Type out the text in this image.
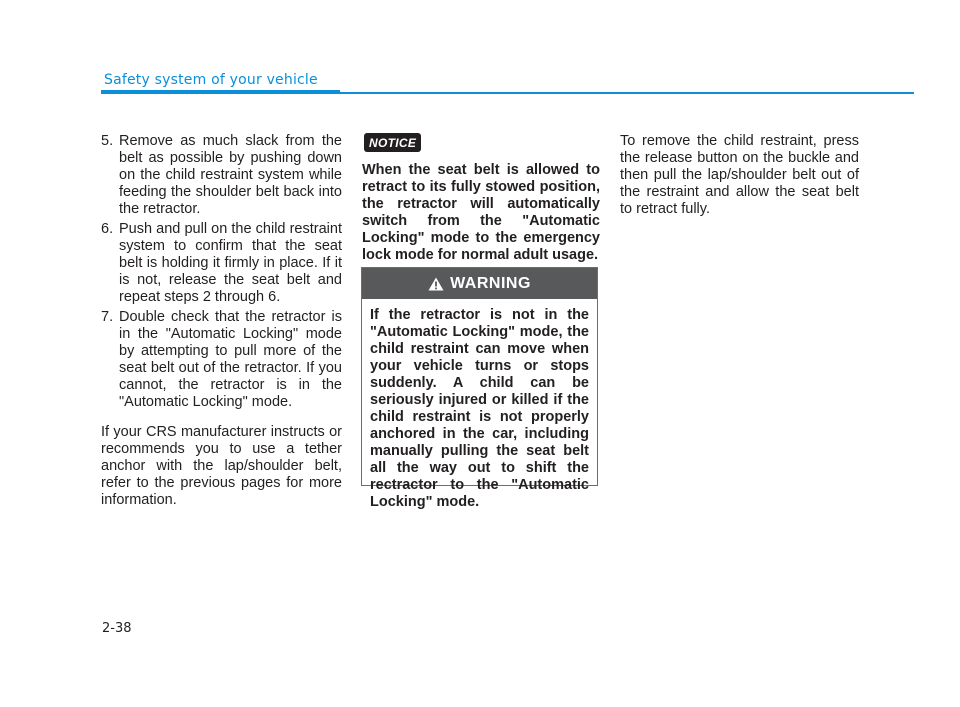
Safety system of your vehicle
5. Remove as much slack from the belt as possible by pushing down on the child restraint system while feeding the shoulder belt back into the retractor.
6. Push and pull on the child restraint system to confirm that the seat belt is holding it firmly in place. If it is not, release the seat belt and repeat steps 2 through 6.
7. Double check that the retractor is in the "Automatic Locking" mode by attempting to pull more of the seat belt out of the retractor. If you cannot, the retractor is in the "Automatic Locking" mode.
If your CRS manufacturer instructs or recommends you to use a tether anchor with the lap/shoulder belt, refer to the previous pages for more information.
NOTICE
When the seat belt is allowed to retract to its fully stowed position, the retractor will automatically switch from the "Automatic Locking" mode to the emergency lock mode for normal adult usage.
WARNING
If the retractor is not in the "Automatic Locking" mode, the child restraint can move when your vehicle turns or stops suddenly. A child can be seriously injured or killed if the child restraint is not properly anchored in the car, including manually pulling the seat belt all the way out to shift the rectractor to the "Automatic Locking" mode.
To remove the child restraint, press the release button on the buckle and then pull the lap/shoulder belt out of the restraint and allow the seat belt to retract fully.
2-38
